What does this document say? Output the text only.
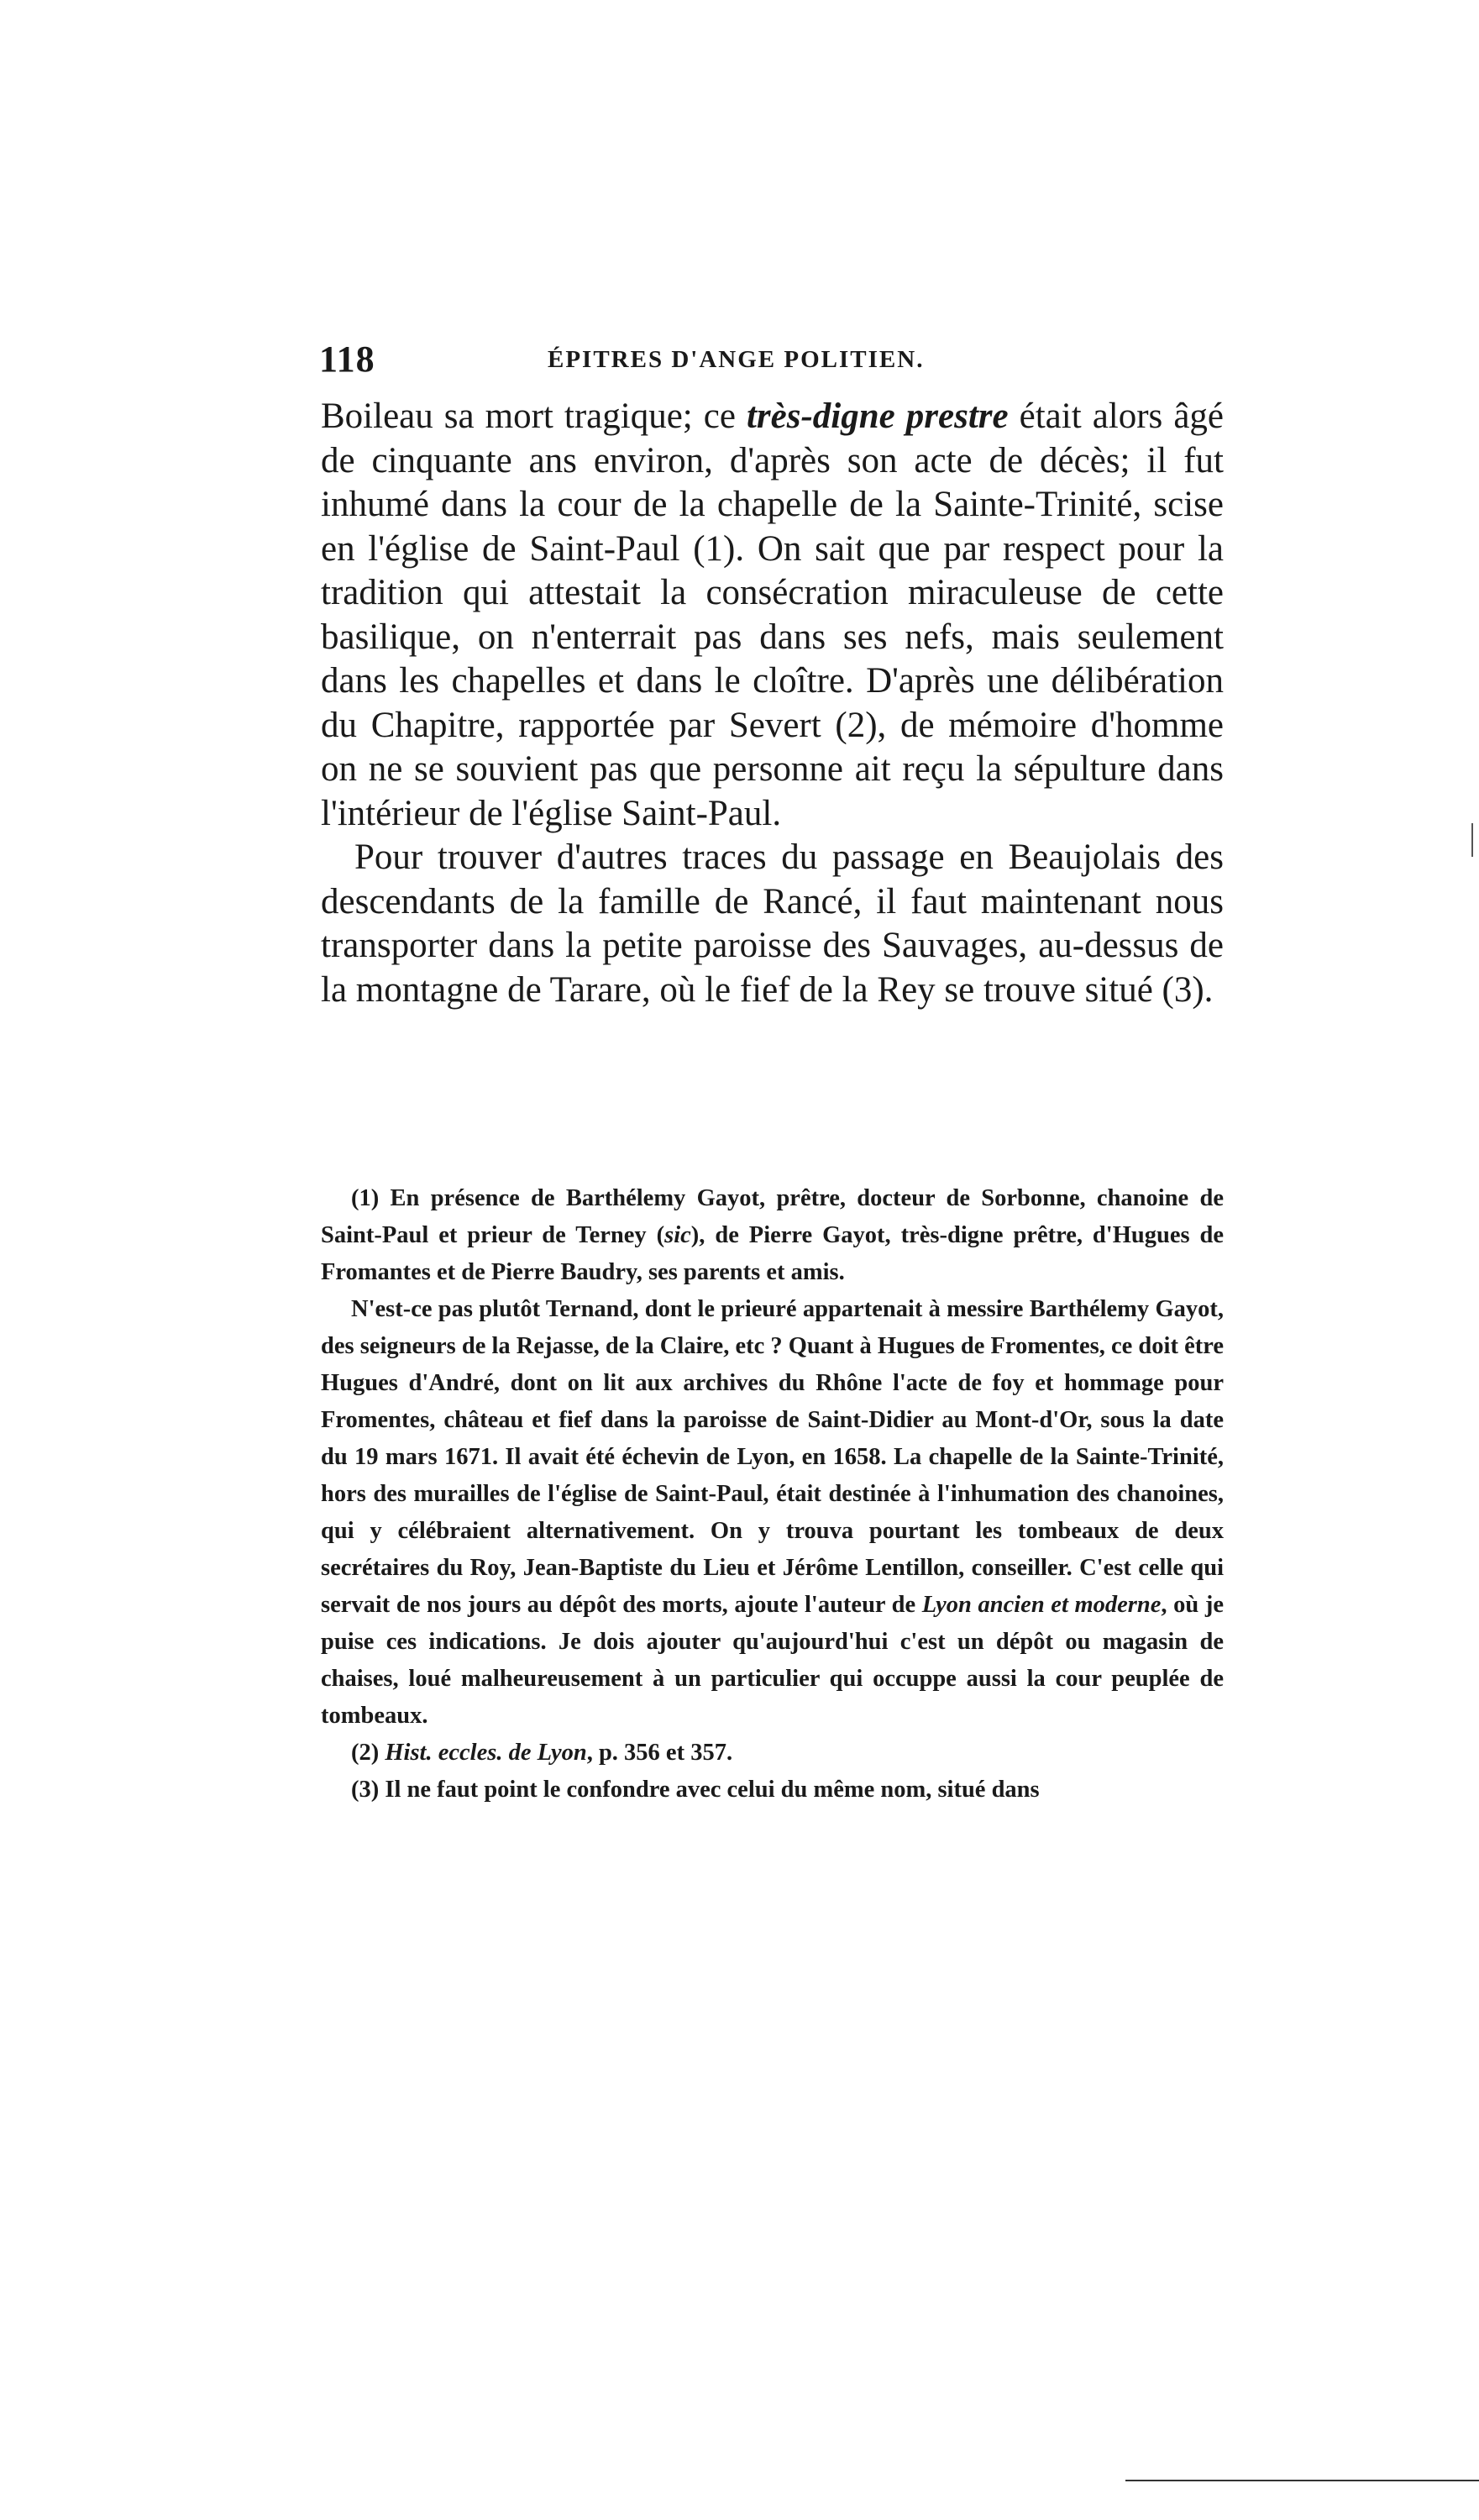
118	ÉPITRES D'ANGE POLITIEN.

Boileau sa mort tragique; ce très-digne prestre était alors âgé de cinquante ans environ, d'après son acte de décès; il fut inhumé dans la cour de la chapelle de la Sainte-Trinité, scise en l'église de Saint-Paul (1). On sait que par respect pour la tradition qui attestait la consécration miraculeuse de cette basilique, on n'enterrait pas dans ses nefs, mais seulement dans les chapelles et dans le cloître. D'après une délibération du Chapitre, rapportée par Severt (2), de mémoire d'homme on ne se souvient pas que personne ait reçu la sépulture dans l'intérieur de l'église Saint-Paul.

Pour trouver d'autres traces du passage en Beaujolais des descendants de la famille de Rancé, il faut maintenant nous transporter dans la petite paroisse des Sauvages, au-dessus de la montagne de Tarare, où le fief de la Rey se trouve situé (3).

(1) En présence de Barthélemy Gayot, prêtre, docteur de Sorbonne, chanoine de Saint-Paul et prieur de Terney (sic), de Pierre Gayot, très-digne prêtre, d'Hugues de Fromantes et de Pierre Baudry, ses parents et amis.

N'est-ce pas plutôt Ternand, dont le prieuré appartenait à messire Barthélemy Gayot, des seigneurs de la Rejasse, de la Claire, etc ? Quant à Hugues de Fromentes, ce doit être Hugues d'André, dont on lit aux archives du Rhône l'acte de foy et hommage pour Fromentes, château et fief dans la paroisse de Saint-Didier au Mont-d'Or, sous la date du 19 mars 1671. Il avait été échevin de Lyon, en 1658. La chapelle de la Sainte-Trinité, hors des murailles de l'église de Saint-Paul, était destinée à l'inhumation des chanoines, qui y célébraient alternativement. On y trouva pourtant les tombeaux de deux secrétaires du Roy, Jean-Baptiste du Lieu et Jérôme Lentillon, conseiller. C'est celle qui servait de nos jours au dépôt des morts, ajoute l'auteur de Lyon ancien et moderne, où je puise ces indications. Je dois ajouter qu'aujourd'hui c'est un dépôt ou magasin de chaises, loué malheureusement à un particulier qui occuppe aussi la cour peuplée de tombeaux.

(2) Hist. eccles. de Lyon, p. 356 et 357.

(3) Il ne faut point le confondre avec celui du même nom, situé dans
